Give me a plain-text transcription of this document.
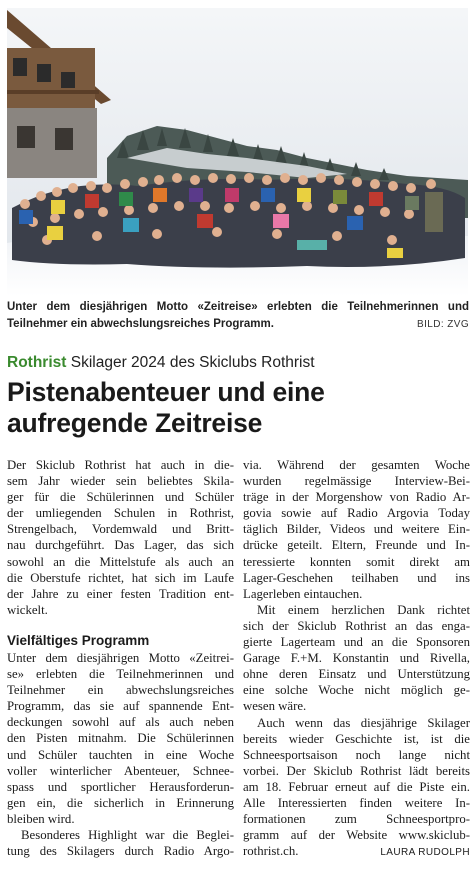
Unter dem diesjährigen Motto «Zeitreise» erlebten die Teilnehmerinnen und
Teilnehmer ein abwechslungsreiches Programm.	BILD: ZVG
Rothrist Skilager 2024 des Skiclubs Rothrist
Pistenabenteuer und eine
aufregende Zeitreise

Der Skiclub Rothrist hat auch in die-
sem Jahr wieder sein beliebtes Skila-
ger für die Schülerinnen und Schüler
der umliegenden Schulen in Rothrist,
Strengelbach, Vordemwald und Britt-
nau durchgeführt. Das Lager, das sich
sowohl an die Mittelstufe als auch an
die Oberstufe richtet, hat sich im Laufe
der Jahre zu einer festen Tradition ent-
wickelt.

Vielfältiges Programm

Unter dem diesjährigen Motto «Zeitrei-
se» erlebten die Teilnehmerinnen und
Teilnehmer ein abwechslungsreiches
Programm, das sie auf spannende Ent-
deckungen sowohl auf als auch neben
den Pisten mitnahm. Die Schülerinnen
und Schüler tauchten in eine Woche
voller winterlicher Abenteuer, Schnee-
spass und sportlicher Herausforderun-
gen ein, die sicherlich in Erinnerung
bleiben wird.

Besonderes Highlight war die Beglei-

tung des Skilagers durch Radio Argo-

via. Während der gesamten Woche
wurden regelmässige Interview-Bei-
träge in der Morgenshow von Radio Ar-
govia sowie auf Radio Argovia Today
täglich Bilder, Videos und weitere Ein-
drücke geteilt. Eltern, Freunde und In-
teressierte konnten somit direkt am
Lager-Geschehen teilhaben und ins
Lagerleben eintauchen.

Mit einem herzlichen Dank richtet
sich der Skiclub Rothrist an das enga-
gierte Lagerteam und an die Sponsoren
Garage F.+M. Konstantin und Rivella,
ohne deren Einsatz und Unterstützung
eine solche Woche nicht möglich ge-
wesen wäre.

Auch wenn das diesjährige Skilager
bereits wieder Geschichte ist, ist die
Schneesportsaison noch lange nicht
vorbei. Der Skiclub Rothrist lädt bereits
am 18. Februar erneut auf die Piste ein.
Alle Interessierten finden weitere In-
formationen zum Schneesportpro-
gramm auf der Website www.skiclub-
rothrist.ch.	LAURA RUDOLPH
